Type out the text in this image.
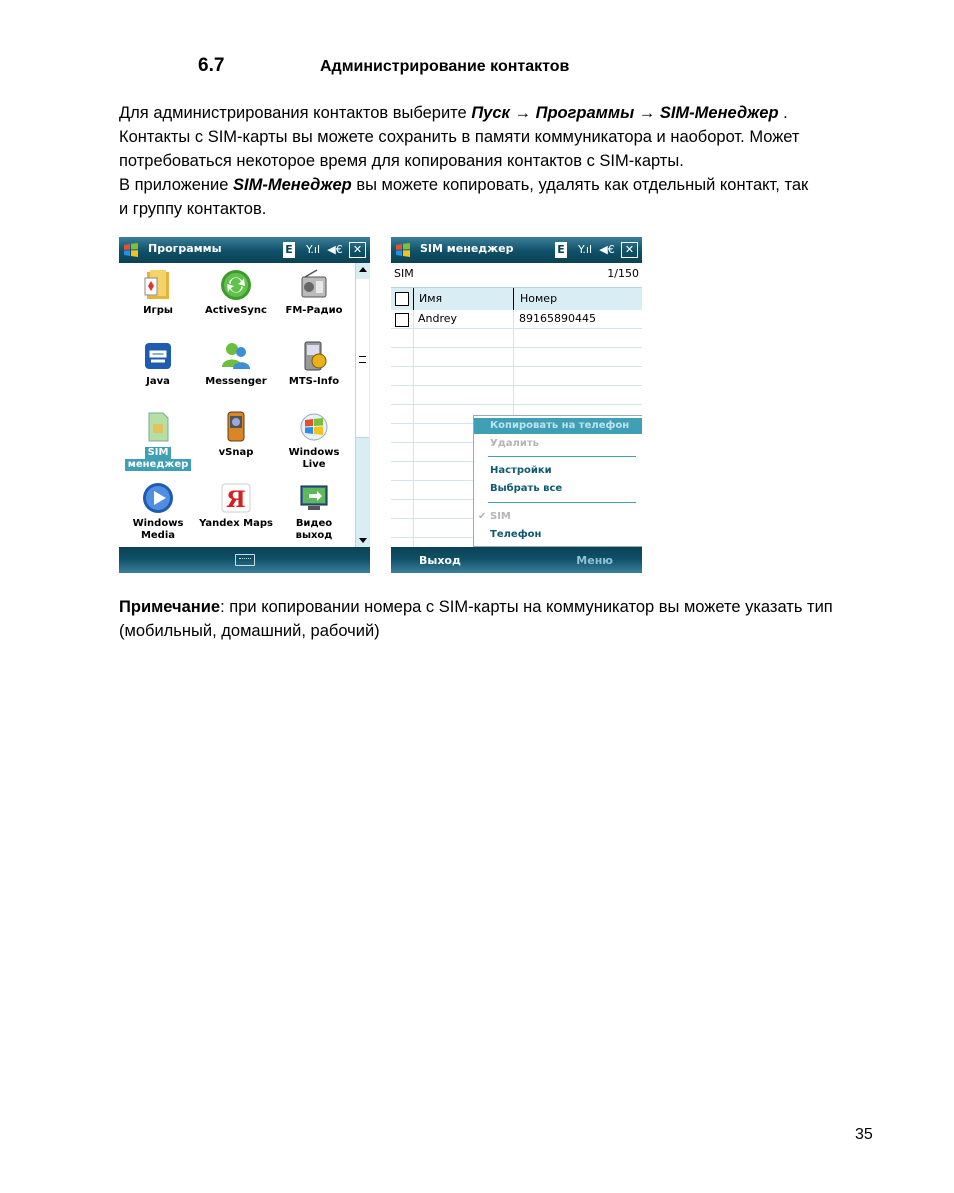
6.7	Администрирование контактов
Для администрирования контактов выберите Пуск → Программы → SIM-Менеджер .
Контакты с SIM-карты вы можете сохранить в памяти коммуникатора и наоборот. Может
потребоваться некоторое время для копирования контактов с SIM-карты.
В приложение SIM-Менеджер вы можете копировать, удалять как отдельный контакт, так
и группу контактов.
Программы	E	Y.ıl ◀€ ✕
Игры	ActiveSync	FM-Радио
Java	Messenger	MTS-Info
SIM
менеджер
vSnap	Windows
Live
Windows
Media
Я
Yandex Maps	Видео
выход
SIM менеджер	E	Y.ıl ◀€ ✕
SIM	1/150
Имя	Номер
Andrey	89165890445
Копировать на телефон
Удалить
Настройки
Выбрать все
✔ SIM
Телефон
Выход	Меню
Примечание: при копировании номера с SIM-карты на коммуникатор вы можете указать тип (мобильный, домашний, рабочий)
35
